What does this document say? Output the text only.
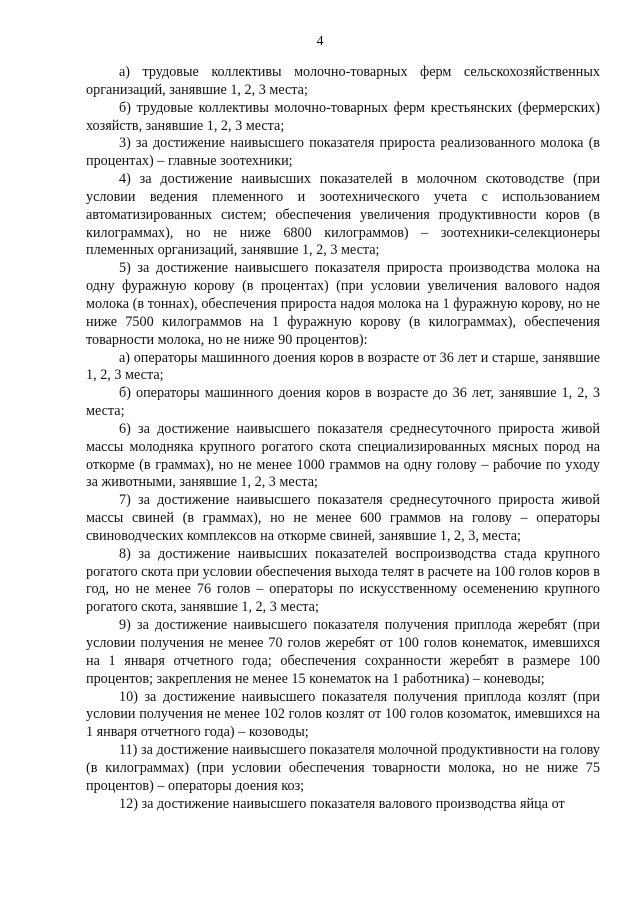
4

а) трудовые коллективы молочно-товарных ферм сельскохозяйственных организаций, занявшие 1, 2, 3 места;

б) трудовые коллективы молочно-товарных ферм крестьянских (фермерских) хозяйств, занявшие 1, 2, 3 места;

3) за достижение наивысшего показателя прироста реализованного молока (в процентах) – главные зоотехники;

4) за достижение наивысших показателей в молочном скотоводстве (при условии ведения племенного и зоотехнического учета с использованием автоматизированных систем; обеспечения увеличения продуктивности коров (в килограммах), но не ниже 6800 килограммов) – зоотехники-селекционеры племенных организаций, занявшие 1, 2, 3 места;

5) за достижение наивысшего показателя прироста производства молока на одну фуражную корову (в процентах) (при условии увеличения валового надоя молока (в тоннах), обеспечения прироста надоя молока на 1 фуражную корову, но не ниже 7500 килограммов на 1 фуражную корову (в килограммах), обеспечения товарности молока, но не ниже 90 процентов):

а) операторы машинного доения коров в возрасте от 36 лет и старше, занявшие 1, 2, 3 места;

б) операторы машинного доения коров в возрасте до 36 лет, занявшие 1, 2, 3 места;

6) за достижение наивысшего показателя среднесуточного прироста живой массы молодняка крупного рогатого скота специализированных мясных пород на откорме (в граммах), но не менее 1000 граммов на одну голову – рабочие по уходу за животными, занявшие 1, 2, 3 места;

7) за достижение наивысшего показателя среднесуточного прироста живой массы свиней (в граммах), но не менее 600 граммов на голову – операторы свиноводческих комплексов на откорме свиней, занявшие 1, 2, 3, места;

8) за достижение наивысших показателей воспроизводства стада крупного рогатого скота при условии обеспечения выхода телят в расчете на 100 голов коров в год, но не менее 76 голов – операторы по искусственному осеменению крупного рогатого скота, занявшие 1, 2, 3 места;

9) за достижение наивысшего показателя получения приплода жеребят (при условии получения не менее 70 голов жеребят от 100 голов конематок, имевшихся на 1 января отчетного года; обеспечения сохранности жеребят в размере 100 процентов; закрепления не менее 15 конематок на 1 работника) – коневоды;

10) за достижение наивысшего показателя получения приплода козлят (при условии получения не менее 102 голов козлят от 100 голов козоматок, имевшихся на 1 января отчетного года) – козоводы;

11) за достижение наивысшего показателя молочной продуктивности на голову (в килограммах) (при условии обеспечения товарности молока, но не ниже 75 процентов) – операторы доения коз;

12) за достижение наивысшего показателя валового производства яйца от
